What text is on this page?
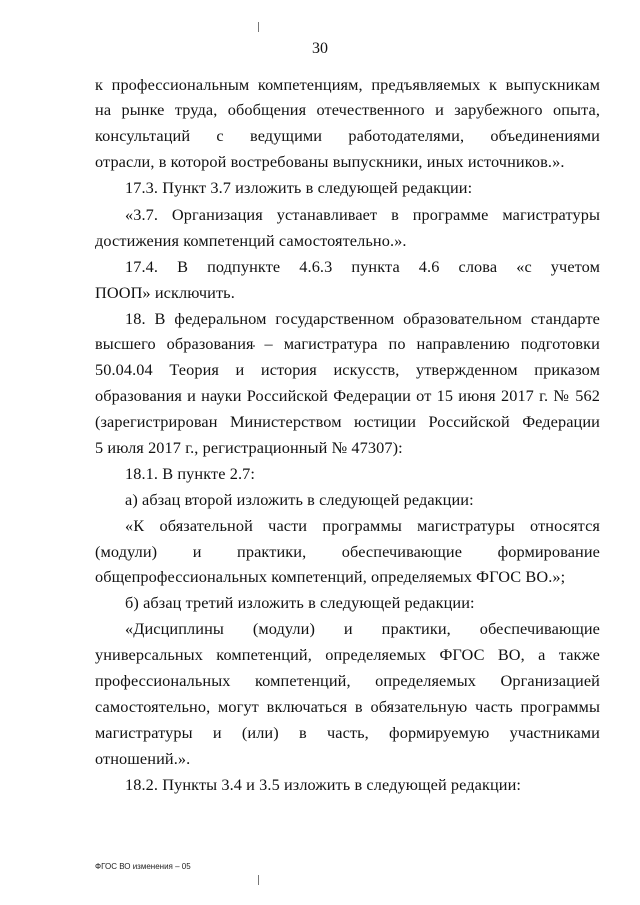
30
к профессиональным компетенциям, предъявляемых к выпускникам
на рынке труда, обобщения отечественного и зарубежного опыта,
консультаций с ведущими работодателями, объединениями
отрасли, в которой востребованы выпускники, иных источников.».
17.3. Пункт 3.7 изложить в следующей редакции:
«3.7. Организация устанавливает в программе магистратуры
достижения компетенций самостоятельно.».
17.4. В подпункте 4.6.3 пункта 4.6 слова «с учетом
ПООП» исключить.
18. В федеральном государственном образовательном стандарте
высшего образования – магистратура по направлению подготовки
50.04.04 Теория и история искусств, утвержденном приказом
образования и науки Российской Федерации от 15 июня 2017 г. № 562
(зарегистрирован Министерством юстиции Российской Федерации
5 июля 2017 г., регистрационный № 47307):
18.1. В пункте 2.7:
а) абзац второй изложить в следующей редакции:
«К обязательной части программы магистратуры относятся
(модули) и практики, обеспечивающие формирование
общепрофессиональных компетенций, определяемых ФГОС ВО.»;
б) абзац третий изложить в следующей редакции:
«Дисциплины (модули) и практики, обеспечивающие
универсальных компетенций, определяемых ФГОС ВО, а также
профессиональных компетенций, определяемых Организацией
самостоятельно, могут включаться в обязательную часть программы
магистратуры и (или) в часть, формируемую участниками
отношений.».
18.2. Пункты 3.4 и 3.5 изложить в следующей редакции:
ФГОС ВО изменения – 05
